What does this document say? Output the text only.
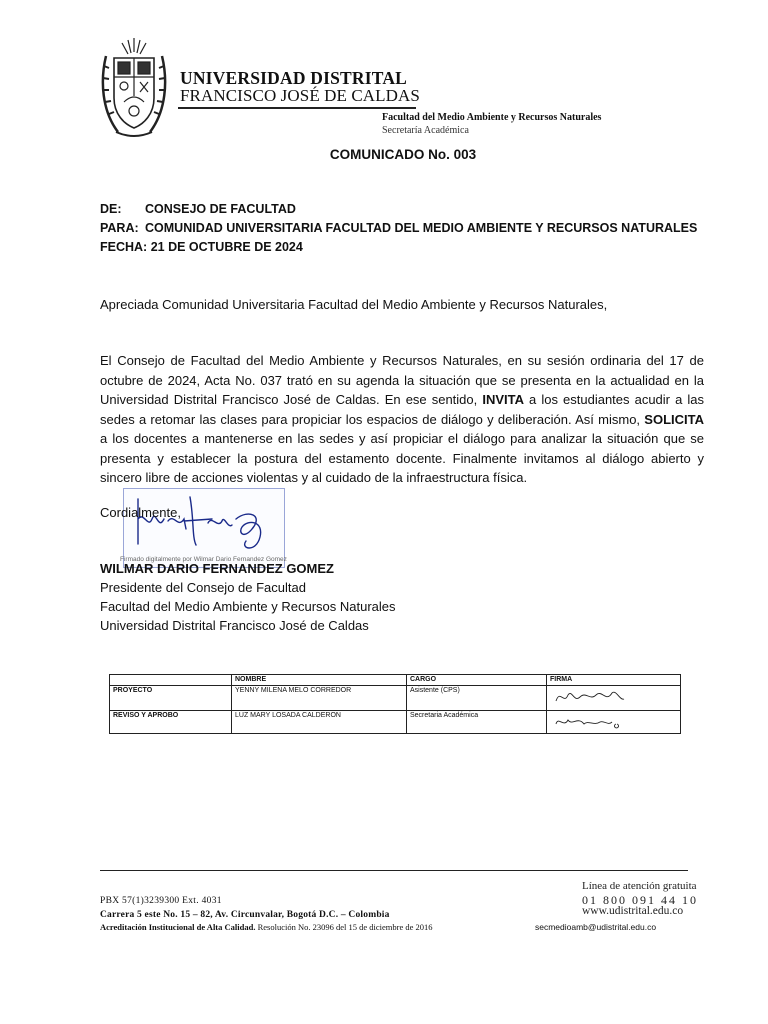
UNIVERSIDAD DISTRITAL
FRANCISCO JOSÉ DE CALDAS
Facultad del Medio Ambiente y Recursos Naturales
Secretaría Académica
COMUNICADO No. 003
DE: CONSEJO DE FACULTAD
PARA: COMUNIDAD UNIVERSITARIA FACULTAD DEL MEDIO AMBIENTE Y RECURSOS NATURALES
FECHA: 21 DE OCTUBRE DE 2024
Apreciada Comunidad Universitaria Facultad del Medio Ambiente y Recursos Naturales,
El Consejo de Facultad del Medio Ambiente y Recursos Naturales, en su sesión ordinaria del 17 de octubre de 2024, Acta No. 037 trató en su agenda la situación que se presenta en la actualidad en la Universidad Distrital Francisco José de Caldas. En ese sentido, INVITA a los estudiantes acudir a las sedes a retomar las clases para propiciar los espacios de diálogo y deliberación. Así mismo, SOLICITA a los docentes a mantenerse en las sedes y así propiciar el diálogo para analizar la situación que se presenta y establecer la postura del estamento docente. Finalmente invitamos al diálogo abierto y sincero libre de acciones violentas y al cuidado de la infraestructura física.
Firmado digitalmente por Wilmar Dario Fernandez Gomez
Cordialmente,
WILMAR DARIO FERNANDEZ GOMEZ
Presidente del Consejo de Facultad
Facultad del Medio Ambiente y Recursos Naturales
Universidad Distrital Francisco José de Caldas
	NOMBRE	CARGO	FIRMA
PROYECTO	YENNY MILENA MELO CORREDOR	Asistente (CPS)	
REVISO Y APROBO	LUZ MARY LOSADA CALDERON	Secretaria Académica	
PBX 57(1)3239300 Ext. 4031
Carrera 5 este No. 15 – 82, Av. Circunvalar, Bogotá D.C. – Colombia
Acreditación Institucional de Alta Calidad. Resolución No. 23096 del 15 de diciembre de 2016
Línea de atención gratuita
01 800 091 44 10
www.udistrital.edu.co
secmedioamb@udistrital.edu.co
